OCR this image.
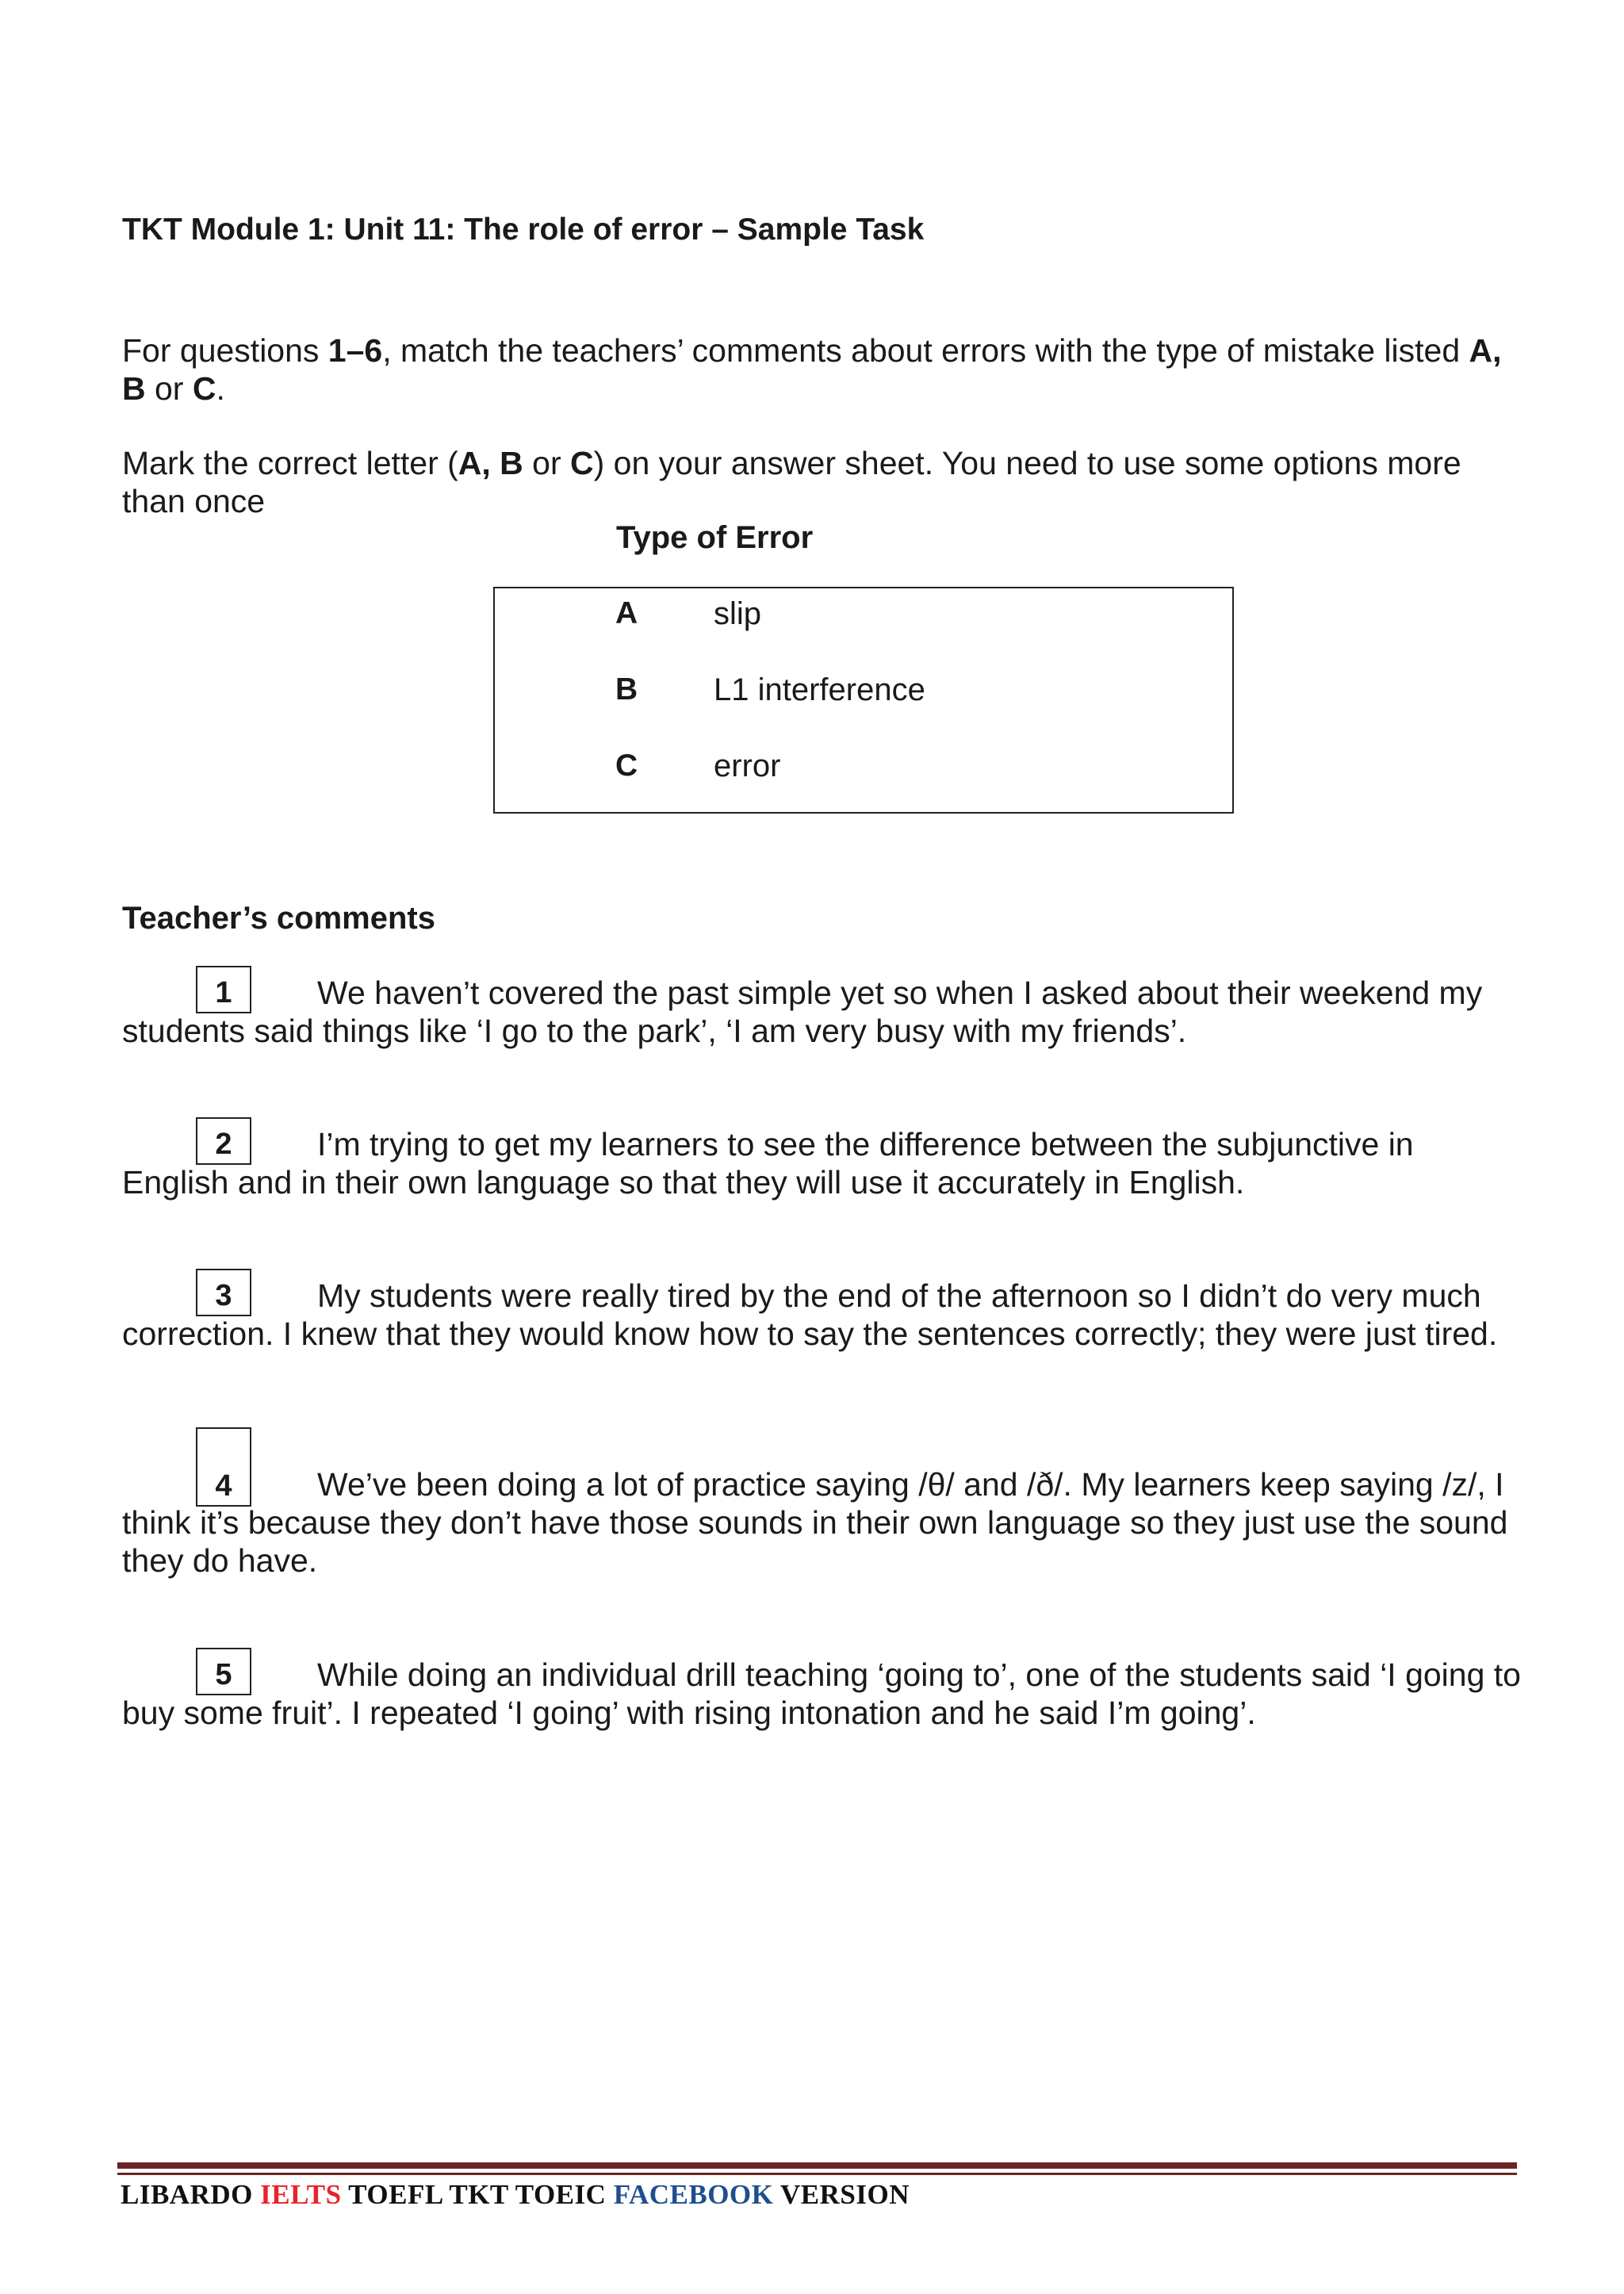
TKT Module 1: Unit 11: The role of error – Sample Task
For questions 1–6, match the teachers’ comments about errors with the type of mistake listed A, B or C.
Mark the correct letter (A, B or C) on your answer sheet. You need to use some options more than once
Type of Error
A slip
B L1 interference
C error
Teacher’s comments
1	We haven’t covered the past simple yet so when I asked about their weekend my students said things like ‘I go to the park’, ‘I am very busy with my friends’.
2	I’m trying to get my learners to see the difference between the subjunctive in English and in their own language so that they will use it accurately in English.
3	My students were really tired by the end of the afternoon so I didn’t do very much correction. I knew that they would know how to say the sentences correctly; they were just tired.
4	We’ve been doing a lot of practice saying /θ/ and /ð/. My learners keep saying /z/, I think it’s because they don’t have those sounds in their own language so they just use the sound they do have.
5	While doing an individual drill teaching ‘going to’, one of the students said ‘I going to buy some fruit’. I repeated ‘I going’ with rising intonation and he said I’m going’.
LIBARDO IELTS TOEFL TKT TOEIC FACEBOOK VERSION
